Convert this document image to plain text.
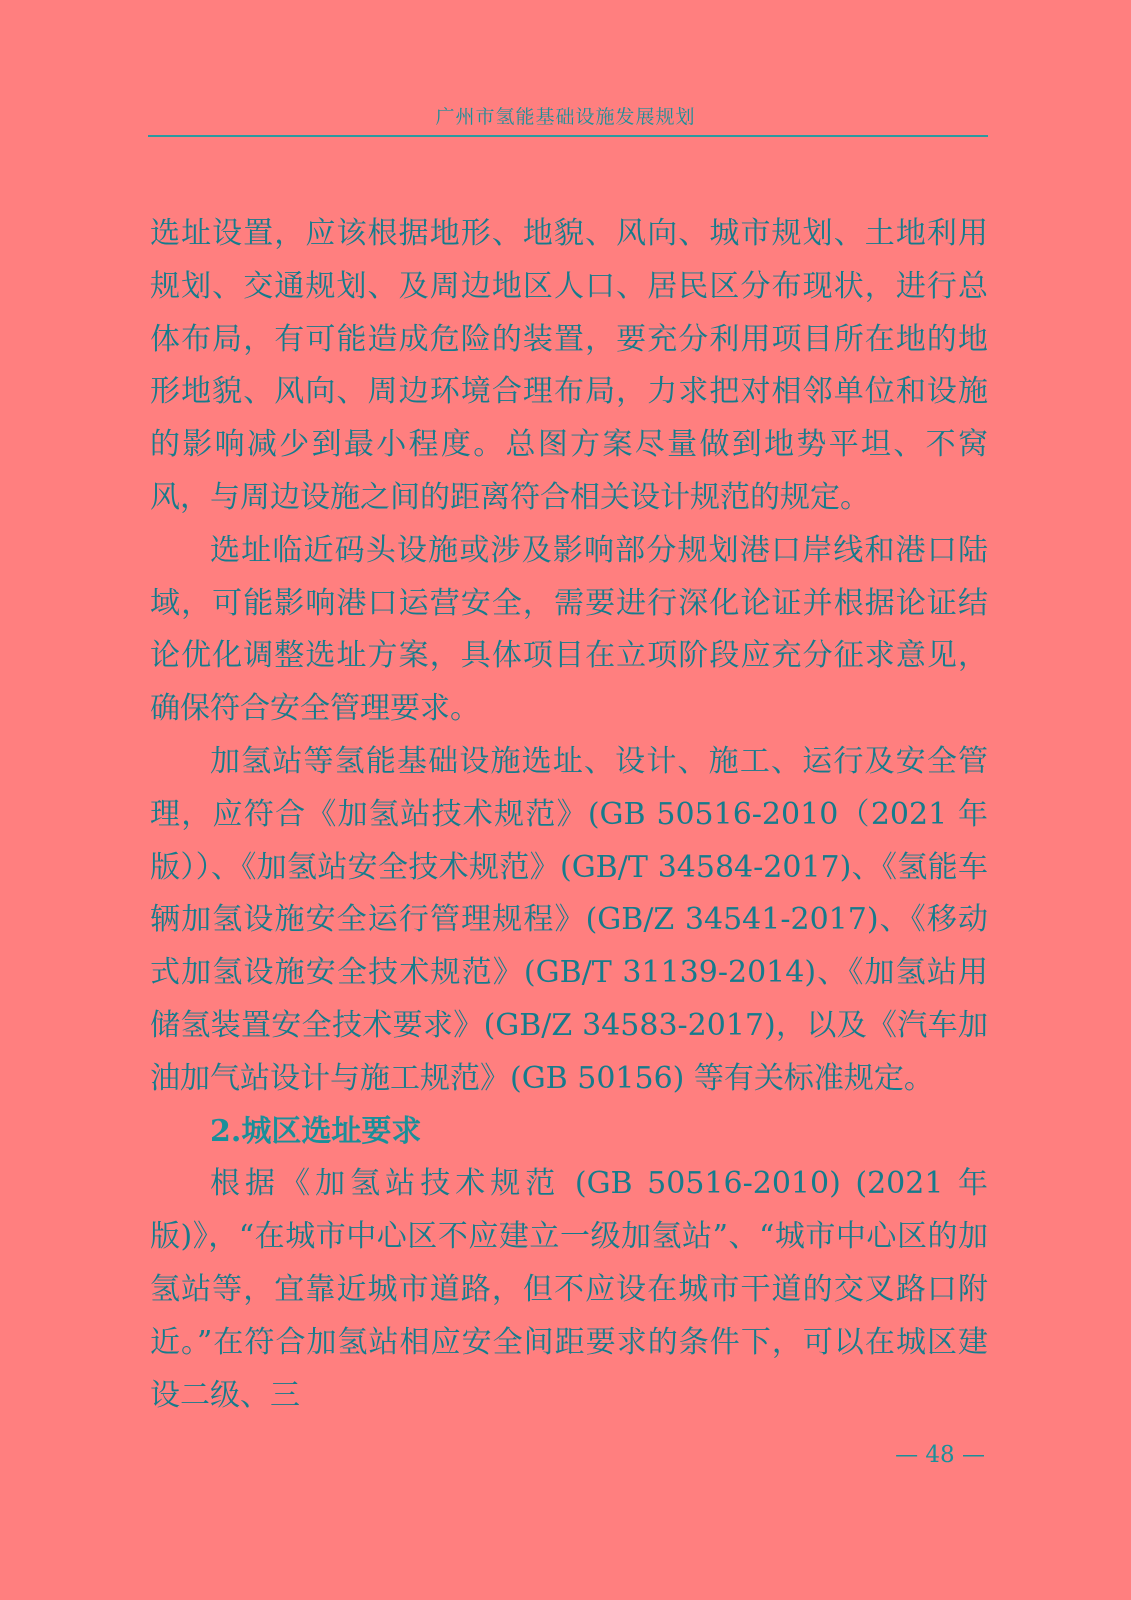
广州市氢能基础设施发展规划

选址设置，应该根据地形、地貌、风向、城市规划、土地利用规划、交通规划、及周边地区人口、居民区分布现状，进行总体布局，有可能造成危险的装置，要充分利用项目所在地的地形地貌、风向、周边环境合理布局，力求把对相邻单位和设施的影响减少到最小程度。总图方案尽量做到地势平坦、不窝风，与周边设施之间的距离符合相关设计规范的规定。

选址临近码头设施或涉及影响部分规划港口岸线和港口陆域，可能影响港口运营安全，需要进行深化论证并根据论证结论优化调整选址方案，具体项目在立项阶段应充分征求意见，确保符合安全管理要求。

加氢站等氢能基础设施选址、设计、施工、运行及安全管理，应符合《加氢站技术规范》(GB 50516-2010（2021 年版））、《加氢站安全技术规范》(GB/T 34584-2017)、《氢能车辆加氢设施安全运行管理规程》(GB/Z 34541-2017)、《移动式加氢设施安全技术规范》(GB/T 31139-2014)、《加氢站用储氢装置安全技术要求》(GB/Z 34583-2017)，以及《汽车加油加气站设计与施工规范》(GB 50156) 等有关标准规定。

2.城区选址要求

根据《加氢站技术规范 (GB 50516-2010) (2021 年版)》，“在城市中心区不应建立一级加氢站”、“城市中心区的加氢站等，宜靠近城市道路，但不应设在城市干道的交叉路口附近。”在符合加氢站相应安全间距要求的条件下，可以在城区建设二级、三

— 48 —
